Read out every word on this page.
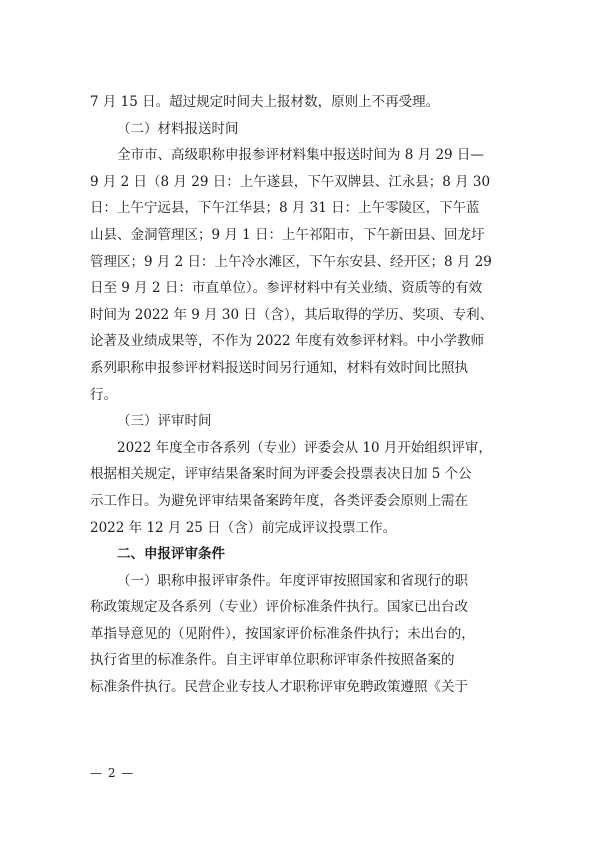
7 月 15 日。超过规定时间夫上报材数，原则上不再受理。
（二）材料报送时间
全市市、高级职称申报参评材料集中报送时间为 8 月 29 日—
9 月 2 日（8 月 29 日：上午遂县，下午双牌县、江永县；8 月 30
日：上午宁远县，下午江华县；8 月 31 日：上午零陵区，下午蓝
山县、金洞管理区；9 月 1 日：上午祁阳市，下午新田县、回龙圩
管理区；9 月 2 日：上午冷水滩区，下午东安县、经开区；8 月 29
日至 9 月 2 日：市直单位）。参评材料中有关业绩、资质等的有效
时间为 2022 年 9 月 30 日（含），其后取得的学历、奖项、专利、
论著及业绩成果等，不作为 2022 年度有效参评材料。中小学教师
系列职称申报参评材料报送时间另行通知，材料有效时间比照执
行。
（三）评审时间
2022 年度全市各系列（专业）评委会从 10 月开始组织评审，
根据相关规定，评审结果备案时间为评委会投票表决日加 5 个公
示工作日。为避免评审结果备案跨年度，各类评委会原则上需在
2022 年 12 月 25 日（含）前完成评议投票工作。
二、申报评审条件
（一）职称申报评审条件。年度评审按照国家和省现行的职
称政策规定及各系列（专业）评价标准条件执行。国家已出台改
革指导意见的（见附件），按国家评价标准条件执行；未出台的，
执行省里的标准条件。自主评审单位职称评审条件按照备案的
标准条件执行。民营企业专技人才职称评审免聘政策遵照《关于
— 2 —
